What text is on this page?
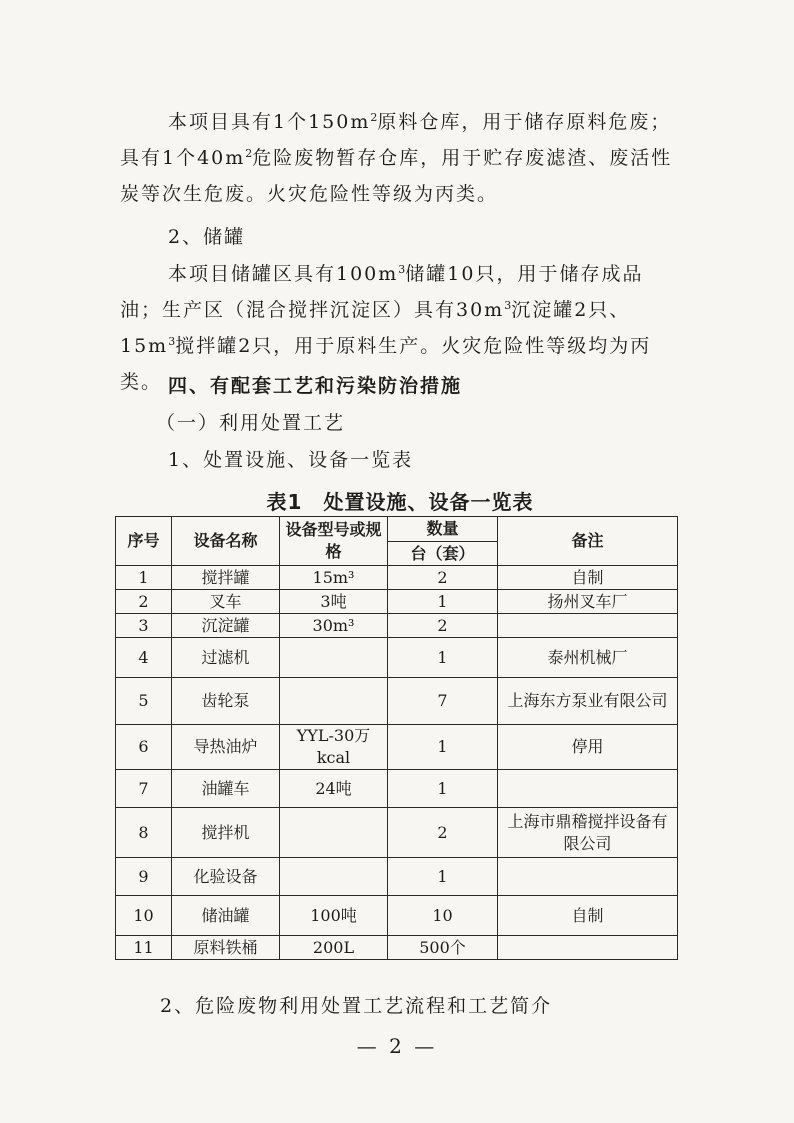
本项目具有1个$150m^2$原料仓库，用于储存原料危废；具有1个$40m^2$危险废物暂存仓库，用于贮存废滤渣、废活性炭等次生危废。火灾危险性等级为丙类。

2、储罐

本项目储罐区具有$100m^3$储罐10只，用于储存成品油；生产区（混合搅拌沉淀区）具有$30m^3$沉淀罐2只、$15m^3$搅拌罐2只，用于原料生产。火灾危险性等级均为丙类。 四、有配套工艺和污染防治措施

（一）利用处置工艺

1、处置设施、设备一览表

表1　处置设施、设备一览表
序号	设备名称	设备型号或规格	数量	备注
			台（套）	
1	搅拌罐	15m³	2	自制
2	叉车	3吨	1	扬州叉车厂
3	沉淀罐	30m³	2	
4	过滤机		1	泰州机械厂
5	齿轮泵		7	上海东方泵业有限公司
6	导热油炉	YYL-30万kcal	1	停用
7	油罐车	24吨	1	
8	搅拌机		2	上海市鼎稽搅拌设备有限公司
9	化验设备		1	
10	储油罐	100吨	10	自制
11	原料铁桶	200L	500个	

2、危险废物利用处置工艺流程和工艺简介

— 2 —
